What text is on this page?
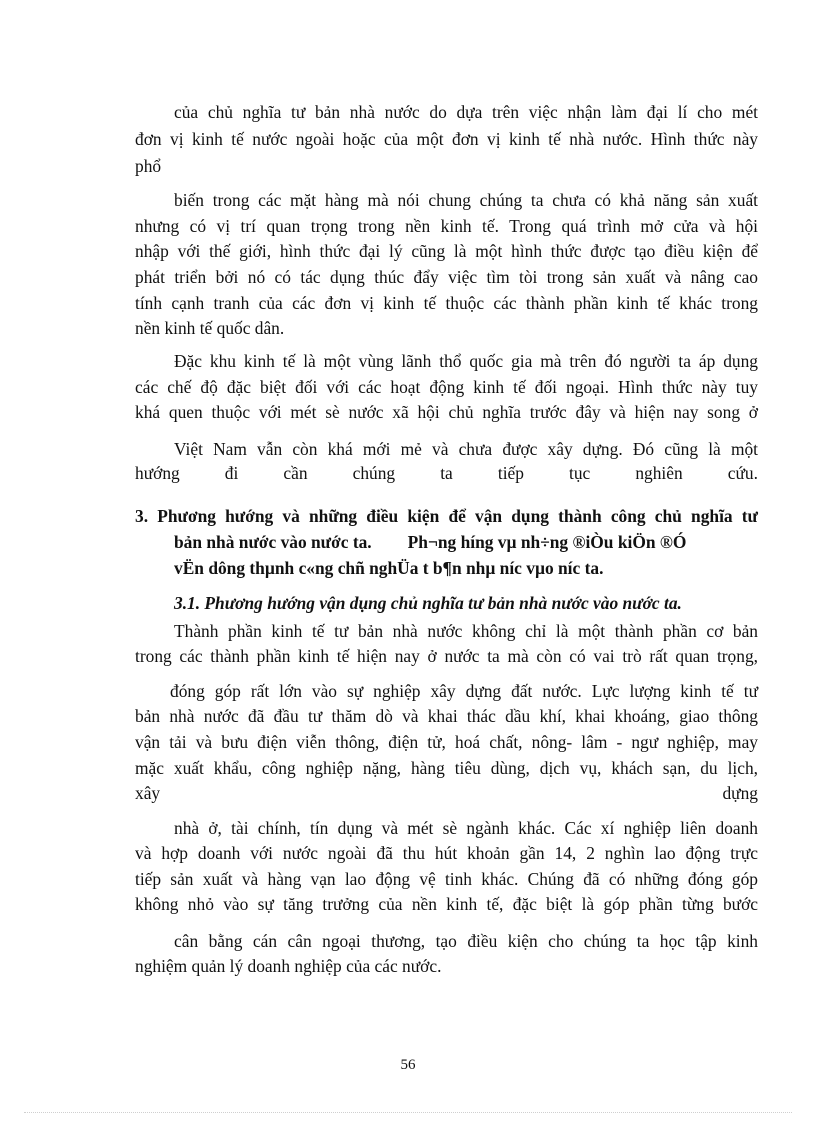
của chủ nghĩa tư bản nhà nước do dựa trên việc nhận làm đại lí cho mét
đơn vị kinh tế nước ngoài hoặc của một đơn vị kinh tế nhà nước. Hình thức này
phổ
biến trong các mặt hàng mà nói chung chúng ta chưa có khả năng sản xuất
nhưng có vị trí quan trọng trong nền kinh tế. Trong quá trình mở cửa và hội
nhập với thế giới, hình thức đại lý cũng là một hình thức được tạo điều kiện để
phát triển bởi nó có tác dụng thúc đẩy việc tìm tòi trong sản xuất và nâng cao
tính cạnh tranh của các đơn vị kinh tế thuộc các thành phần kinh tế khác trong
nền kinh tế quốc dân.
Đặc khu kinh tế là một vùng lãnh thổ quốc gia mà trên đó người ta áp dụng
các chế độ đặc biệt đối với các hoạt động kinh tế đối ngoại. Hình thức này tuy
khá quen thuộc với mét sè nước xã hội chủ nghĩa trước đây và hiện nay song ở
Việt Nam vẫn còn khá mới mẻ và chưa được xây dựng. Đó cũng là một
hướng	đi	cần	chúng	ta	tiếp	tục	nghiên	cứu.
3. Phương hướng và những điều kiện để vận dụng thành công chủ nghĩa tư
bản nhà nước vào nước ta. Ph¬ng híng vµ nh÷ng ®iÒu kiÖn ®Ó
vËn dông thµnh c«ng chñ nghÜa t b¶n nhµ níc vµo níc ta.
3.1. Phương hướng vận dụng chủ nghĩa tư bản nhà nước vào nước ta.
Thành phần kinh tế tư bản nhà nước không chỉ là một thành phần cơ bản
trong các thành phần kinh tế hiện nay ở nước ta mà còn có vai trò rất quan trọng,
đóng góp rất lớn vào sự nghiệp xây dựng đất nước. Lực lượng kinh tế tư
bản nhà nước đã đầu tư thăm dò và khai thác dầu khí, khai khoáng, giao thông
vận tải và bưu điện viễn thông, điện tử, hoá chất, nông- lâm - ngư nghiệp, may
mặc xuất khẩu, công nghiệp nặng, hàng tiêu dùng, dịch vụ, khách sạn, du lịch,
xây	dựng
nhà ở, tài chính, tín dụng và mét sè ngành khác. Các xí nghiệp liên doanh
và hợp doanh với nước ngoài đã thu hút khoản gần 14, 2 nghìn lao động trực
tiếp sản xuất và hàng vạn lao động vệ tinh khác. Chúng đã có những đóng góp
không nhỏ vào sự tăng trưởng của nền kinh tế, đặc biệt là góp phần từng bước
cân bằng cán cân ngoại thương, tạo điều kiện cho chúng ta học tập kinh
nghiệm quản lý doanh nghiệp của các nước.
56
